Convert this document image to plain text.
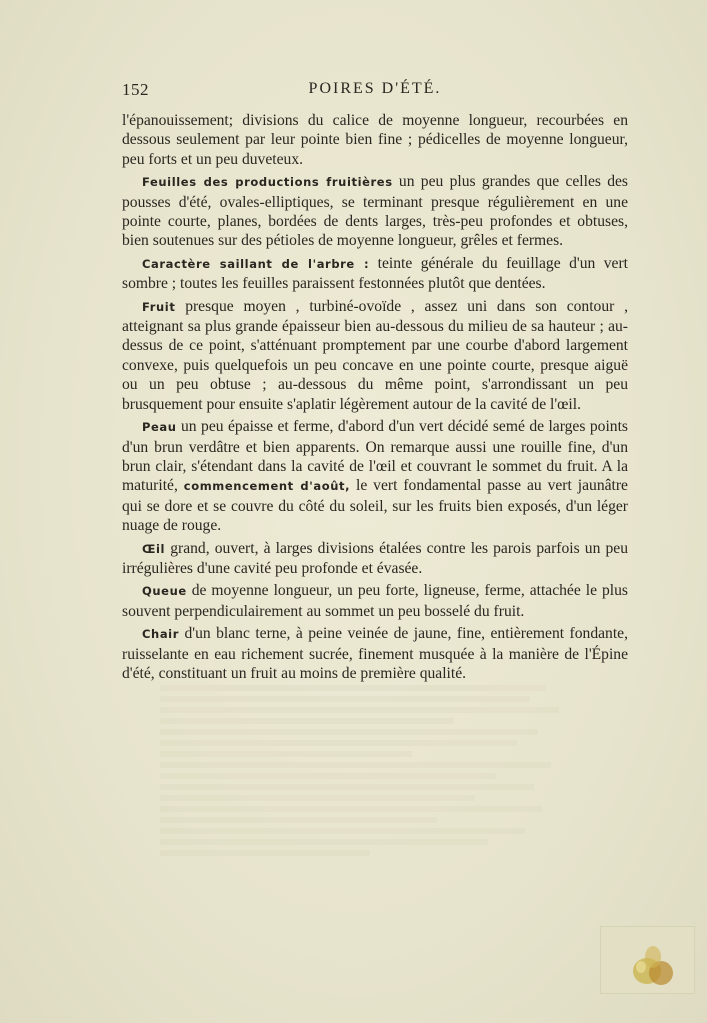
152	POIRES D'ÉTÉ.

l'épanouissement; divisions du calice de moyenne longueur, recourbées en dessous seulement par leur pointe bien fine ; pédicelles de moyenne longueur, peu forts et un peu duveteux.

Feuilles des productions fruitières un peu plus grandes que celles des pousses d'été, ovales-elliptiques, se terminant presque régulièrement en une pointe courte, planes, bordées de dents larges, très-peu profondes et obtuses, bien soutenues sur des pétioles de moyenne longueur, grêles et fermes.

Caractère saillant de l'arbre : teinte générale du feuillage d'un vert sombre ; toutes les feuilles paraissent festonnées plutôt que dentées.

Fruit presque moyen , turbiné-ovoïde , assez uni dans son contour , atteignant sa plus grande épaisseur bien au-dessous du milieu de sa hauteur ; au-dessus de ce point, s'atténuant promptement par une courbe d'abord largement convexe, puis quelquefois un peu concave en une pointe courte, presque aiguë ou un peu obtuse ; au-dessous du même point, s'arrondissant un peu brusquement pour ensuite s'aplatir légèrement autour de la cavité de l'œil.

Peau un peu épaisse et ferme, d'abord d'un vert décidé semé de larges points d'un brun verdâtre et bien apparents. On remarque aussi une rouille fine, d'un brun clair, s'étendant dans la cavité de l'œil et couvrant le sommet du fruit. A la maturité, commencement d'août, le vert fondamental passe au vert jaunâtre qui se dore et se couvre du côté du soleil, sur les fruits bien exposés, d'un léger nuage de rouge.

Œil grand, ouvert, à larges divisions étalées contre les parois parfois un peu irrégulières d'une cavité peu profonde et évasée.

Queue de moyenne longueur, un peu forte, ligneuse, ferme, attachée le plus souvent perpendiculairement au sommet un peu bosselé du fruit.

Chair d'un blanc terne, à peine veinée de jaune, fine, entièrement fondante, ruisselante en eau richement sucrée, finement musquée à la manière de l'Épine d'été, constituant un fruit au moins de première qualité.
